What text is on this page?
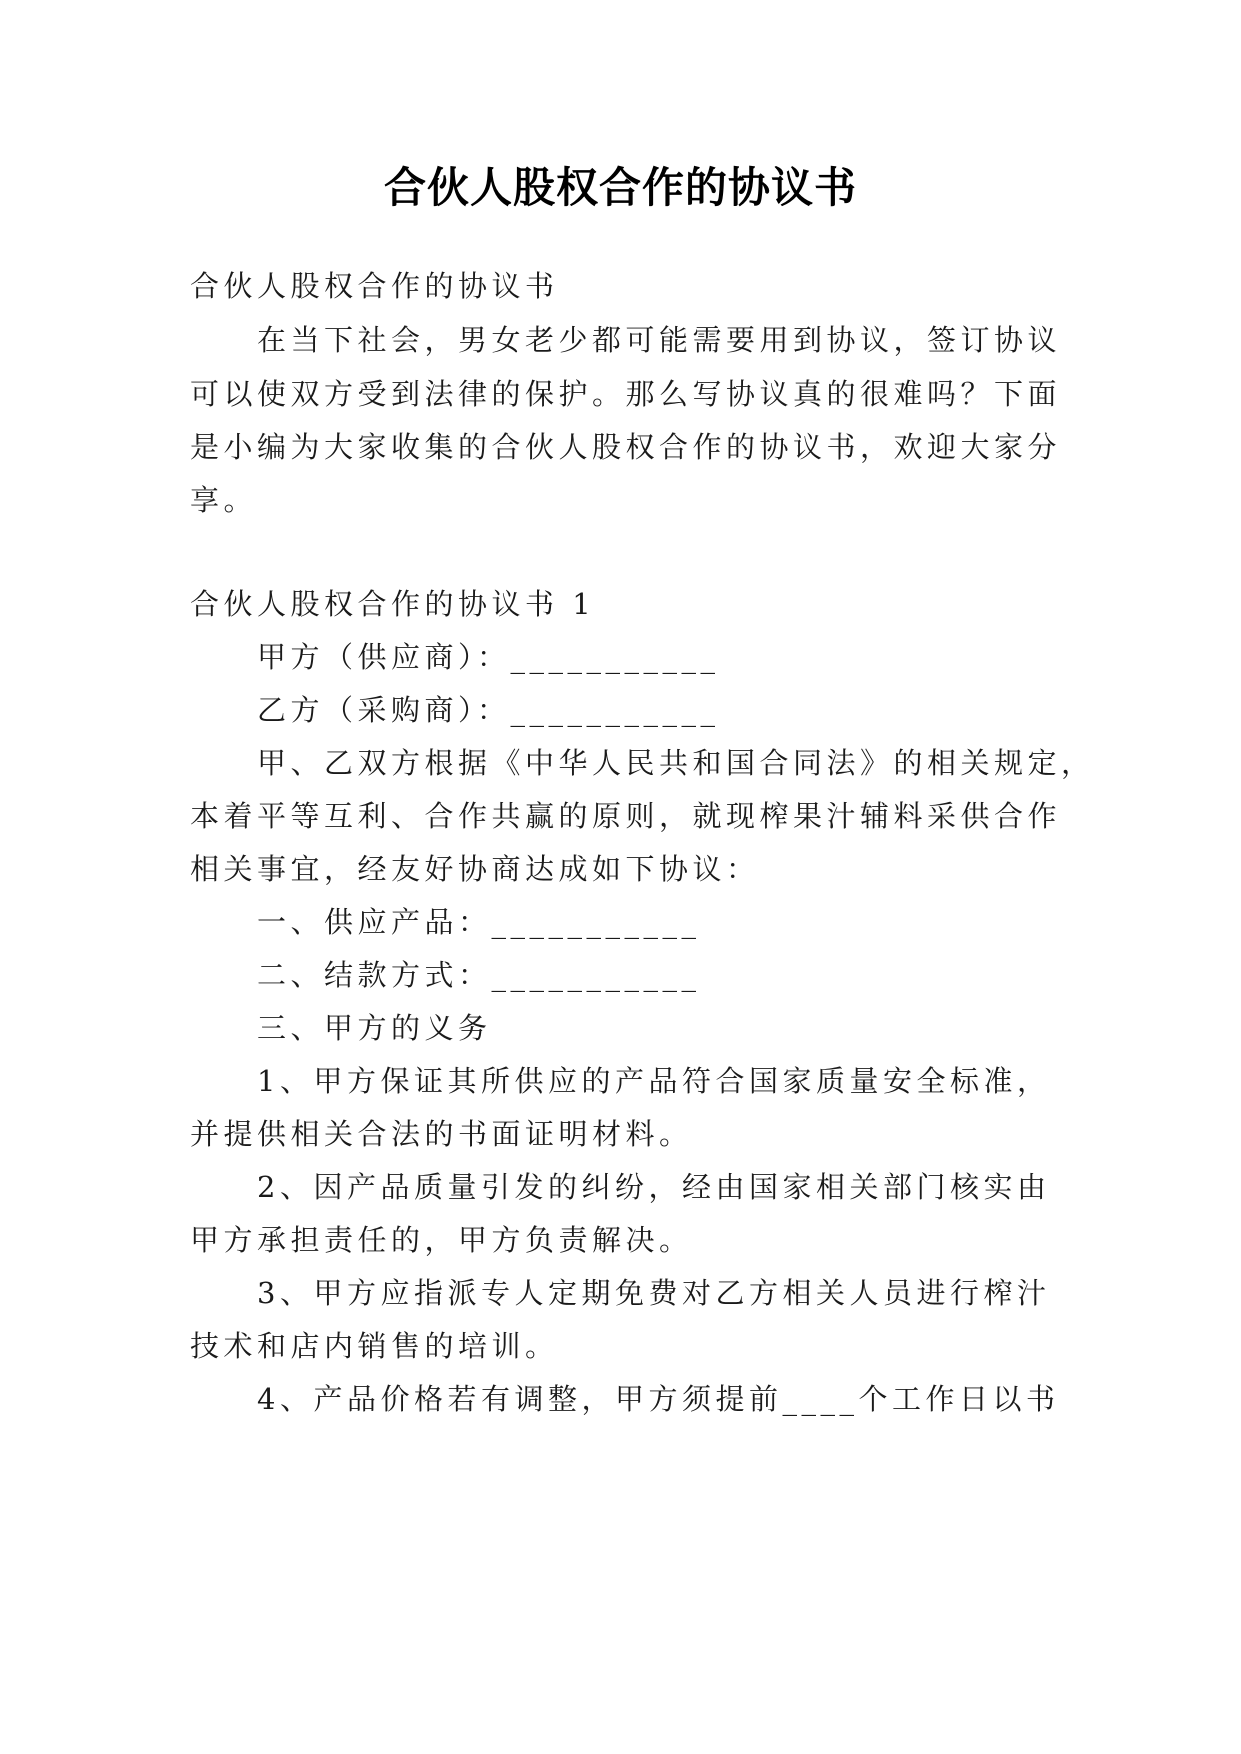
合伙人股权合作的协议书
合伙人股权合作的协议书
在当下社会，男女老少都可能需要用到协议，签订协议
可以使双方受到法律的保护。那么写协议真的很难吗？下面
是小编为大家收集的合伙人股权合作的协议书，欢迎大家分
享。
合伙人股权合作的协议书 1
甲方（供应商）：___________
乙方（采购商）：___________
甲、乙双方根据《中华人民共和国合同法》的相关规定，
本着平等互利、合作共赢的原则，就现榨果汁辅料采供合作
相关事宜，经友好协商达成如下协议：
一、供应产品：___________
二、结款方式：___________
三、甲方的义务
1、甲方保证其所供应的产品符合国家质量安全标准，
并提供相关合法的书面证明材料。
2、因产品质量引发的纠纷，经由国家相关部门核实由
甲方承担责任的，甲方负责解决。
3、甲方应指派专人定期免费对乙方相关人员进行榨汁
技术和店内销售的培训。
4、产品价格若有调整，甲方须提前____个工作日以书
